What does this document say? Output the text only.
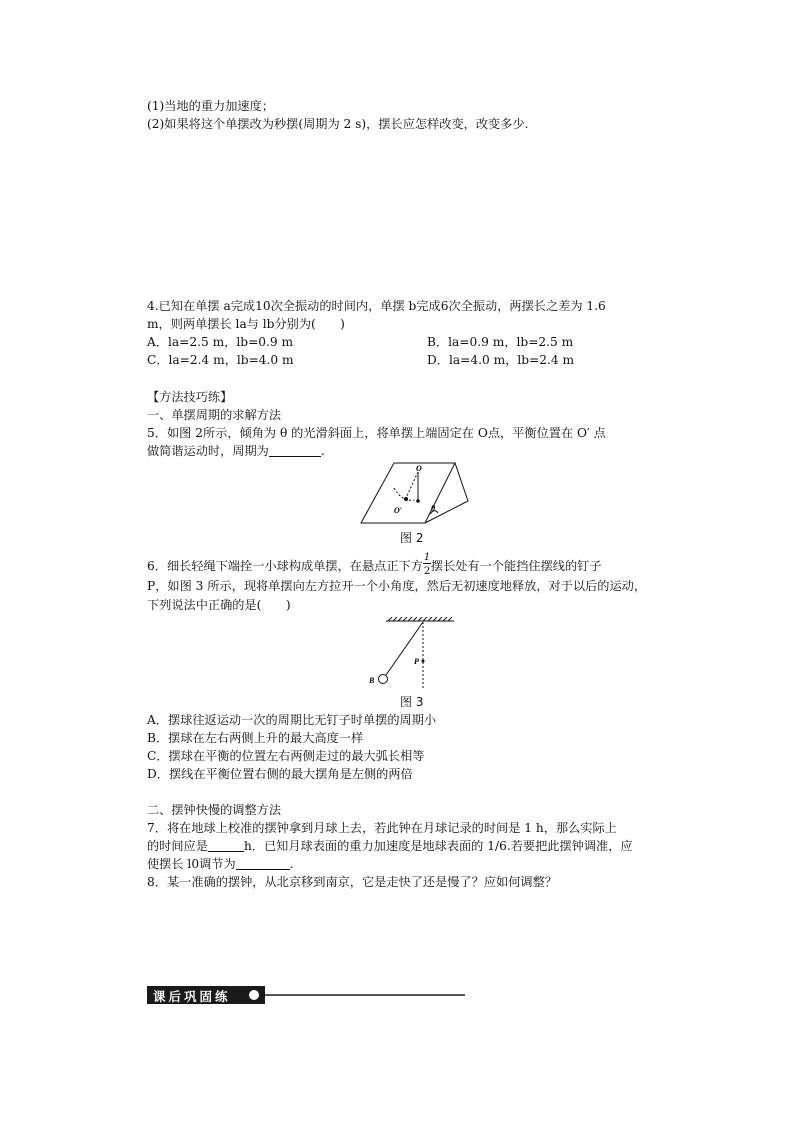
(1)当地的重力加速度；
(2)如果将这个单摆改为秒摆(周期为 2 s)，摆长应怎样改变，改变多少.
4.已知在单摆 a完成10次全振动的时间内，单摆 b完成6次全振动，两摆长之差为 1.6
m，则两单摆长 la与 lb分别为(　　)
A．la=2.5 m，lb=0.9 m	B．la=0.9 m，lb=2.5 m
C．la=2.4 m，lb=4.0 m	D．la=4.0 m，lb=2.4 m
【方法技巧练】
一、单摆周期的求解方法
5．如图 2所示，倾角为 θ 的光滑斜面上，将单摆上端固定在 O点，平衡位置在 O′ 点
做简谐运动时，周期为	.
O
O′	θ
图 2
6．细长轻绳下端拴一小球构成单摆，在悬点正下方 $\frac{1}{2}$ 摆长处有一个能挡住摆线的钉子
P，如图 3 所示，现将单摆向左方拉开一个小角度，然后无初速度地释放，对于以后的运动，
下列说法中正确的是(　　)
P
B
图 3
A．摆球往返运动一次的周期比无钉子时单摆的周期小
B．摆球在左右两侧上升的最大高度一样
C．摆球在平衡的位置左右两侧走过的最大弧长相等
D．摆线在平衡位置右侧的最大摆角是左侧的两倍
二、摆钟快慢的调整方法
7．将在地球上校准的摆钟拿到月球上去，若此钟在月球记录的时间是 1 h，那么实际上
的时间应是	h．已知月球表面的重力加速度是地球表面的 1/6.若要把此摆钟调准，应
使摆长 l0调节为	.
8．某一准确的摆钟，从北京移到南京，它是走快了还是慢了？应如何调整？
课后巩固练
